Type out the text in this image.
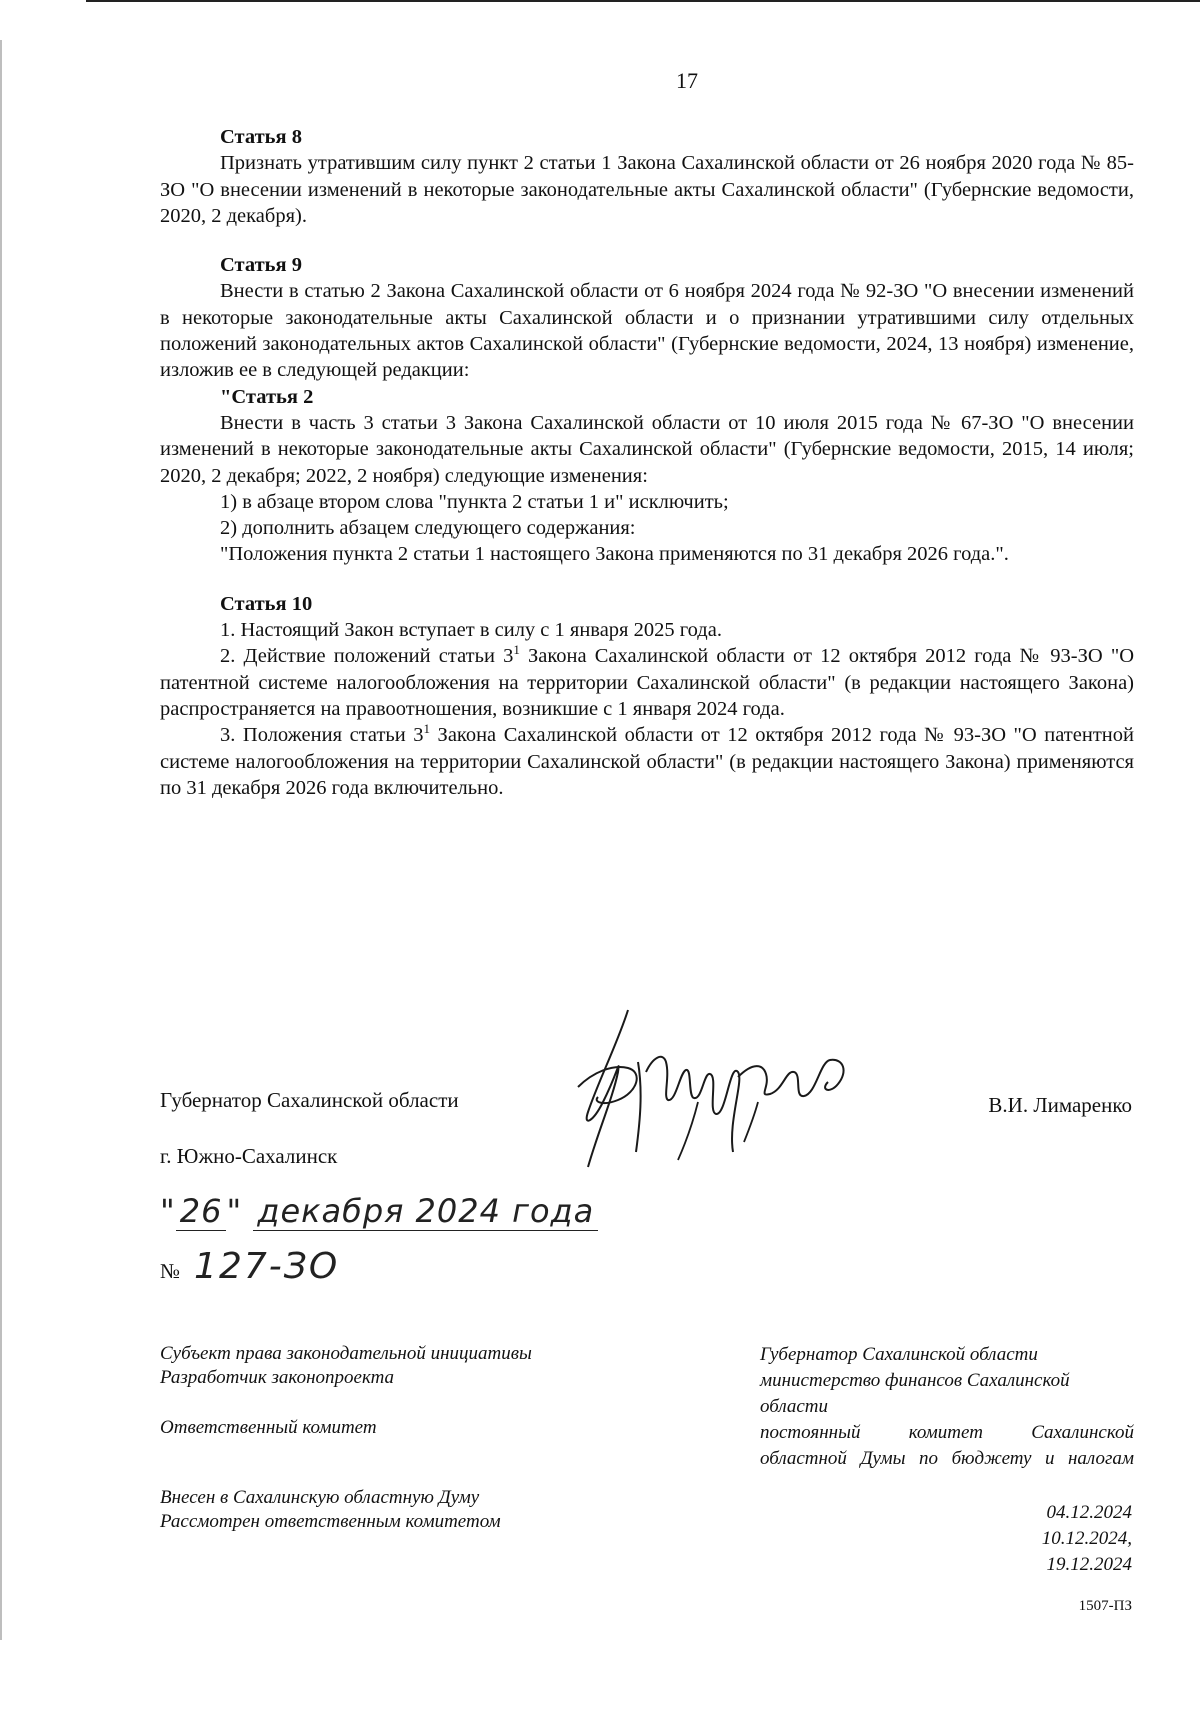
17
Статья 8

Признать утратившим силу пункт 2 статьи 1 Закона Сахалинской области от 26 ноября 2020 года № 85-ЗО "О внесении изменений в некоторые законодательные акты Сахалинской области" (Губернские ведомости, 2020, 2 декабря).

Статья 9

Внести в статью 2 Закона Сахалинской области от 6 ноября 2024 года № 92-ЗО "О внесении изменений в некоторые законодательные акты Сахалинской области и о признании утратившими силу отдельных положений законодательных актов Сахалинской области" (Губернские ведомости, 2024, 13 ноября) изменение, изложив ее в следующей редакции:

"Статья 2

Внести в часть 3 статьи 3 Закона Сахалинской области от 10 июля 2015 года № 67-ЗО "О внесении изменений в некоторые законодательные акты Сахалинской области" (Губернские ведомости, 2015, 14 июля; 2020, 2 декабря; 2022, 2 ноября) следующие изменения:

1) в абзаце втором слова "пункта 2 статьи 1 и" исключить;

2) дополнить абзацем следующего содержания:

"Положения пункта 2 статьи 1 настоящего Закона применяются по 31 декабря 2026 года.".

Статья 10

1. Настоящий Закон вступает в силу с 1 января 2025 года.

2. Действие положений статьи $3^1$ Закона Сахалинской области от 12 октября 2012 года № 93-ЗО "О патентной системе налогообложения на территории Сахалинской области" (в редакции настоящего Закона) распространяется на правоотношения, возникшие с 1 января 2024 года.

3. Положения статьи $3^1$ Закона Сахалинской области от 12 октября 2012 года № 93-ЗО "О патентной системе налогообложения на территории Сахалинской области" (в редакции настоящего Закона) применяются по 31 декабря 2026 года включительно.

Губернатор Сахалинской области	В.И. Лимаренко
г. Южно-Сахалинск
" 26 " декабря 2024 года
№ 127-ЗО
Субъект права законодательной инициативы
Разработчик законопроекта
Ответственный комитет
Внесен в Сахалинскую областную Думу
Рассмотрен ответственным комитетом
Губернатор Сахалинской области
министерство финансов Сахалинской области
постоянный комитет Сахалинской областной Думы по бюджету и налогам
04.12.2024
10.12.2024,
19.12.2024
1507-ПЗ
